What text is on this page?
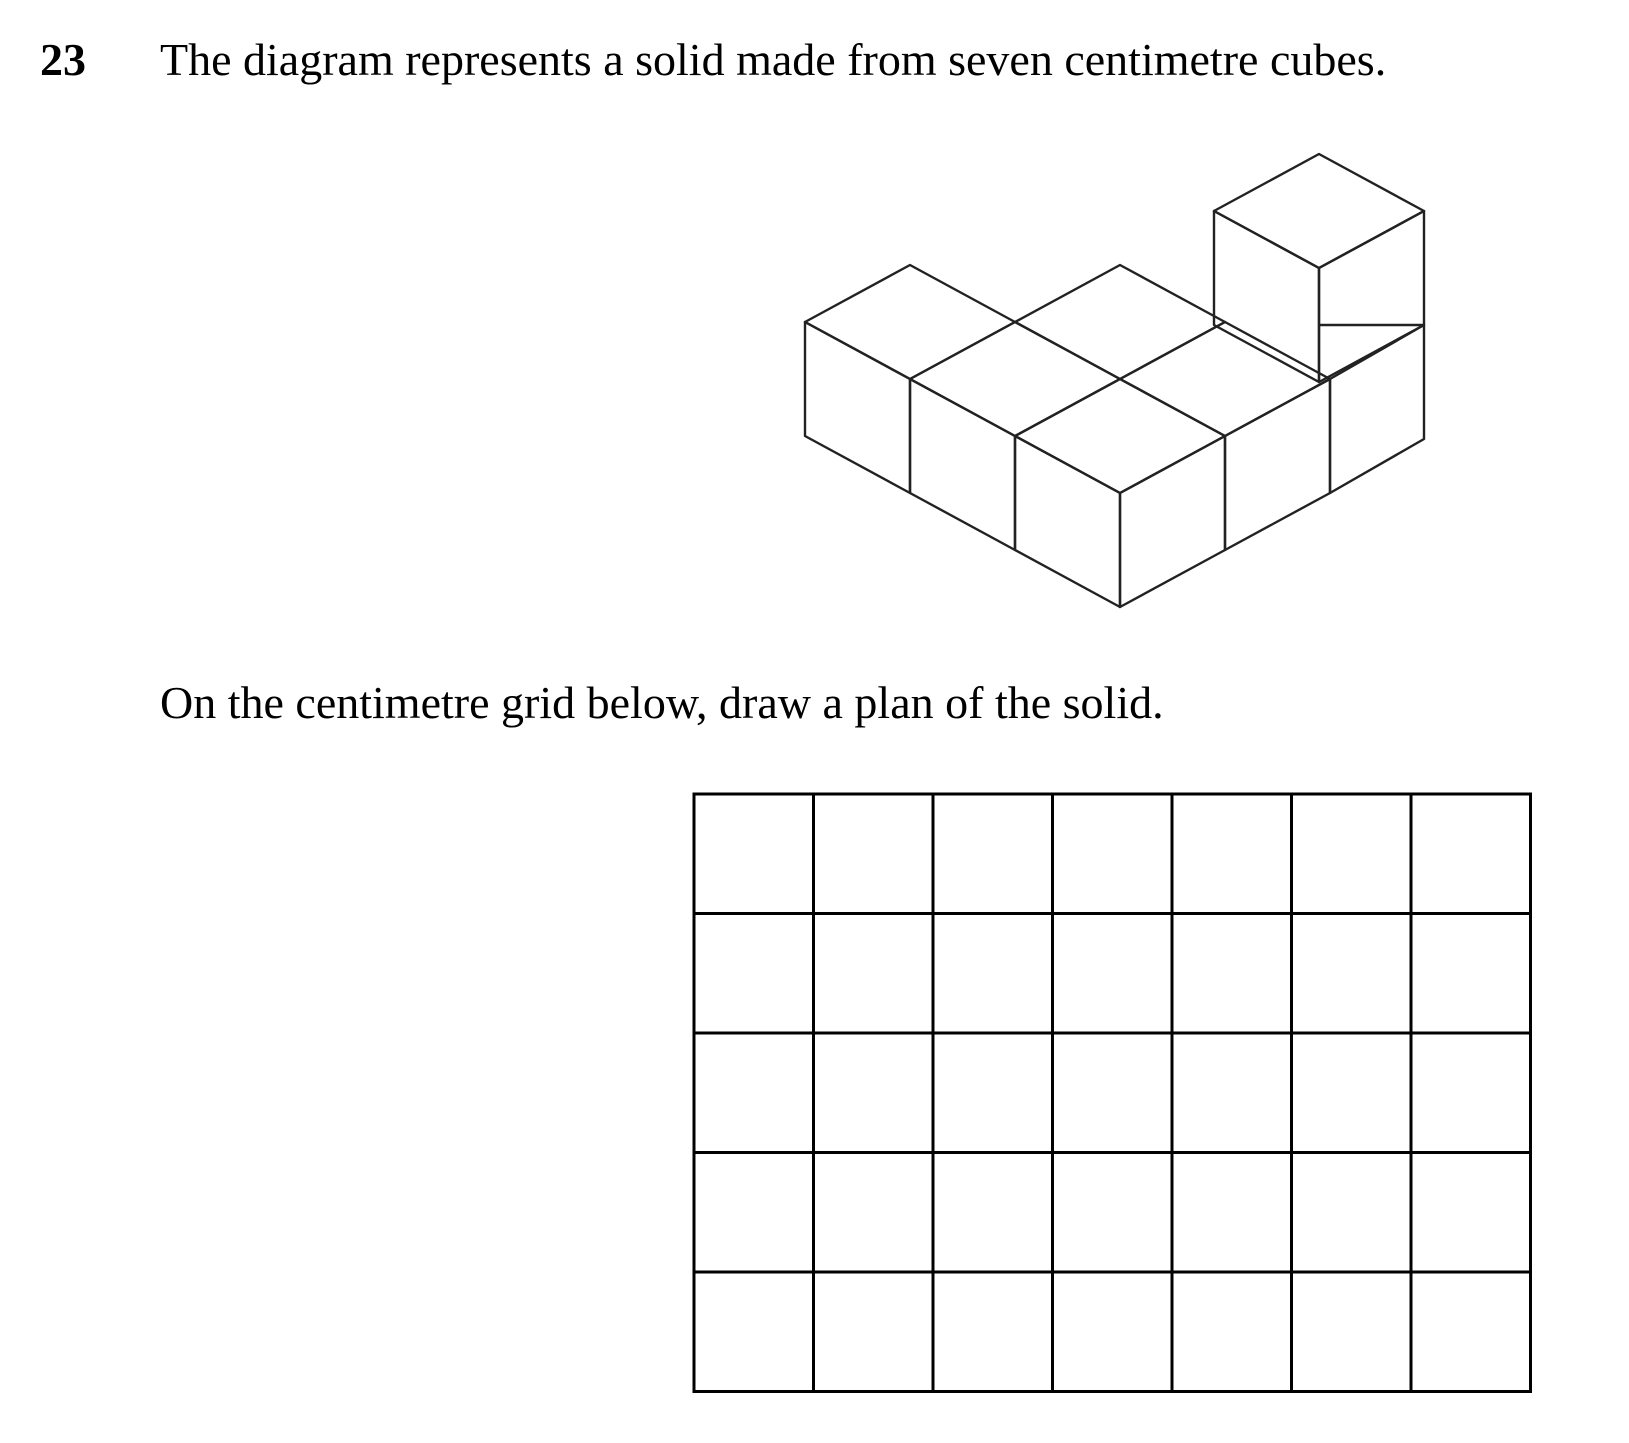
23 The diagram represents a solid made from seven centimetre cubes.
On the centimetre grid below, draw a plan of the solid.
